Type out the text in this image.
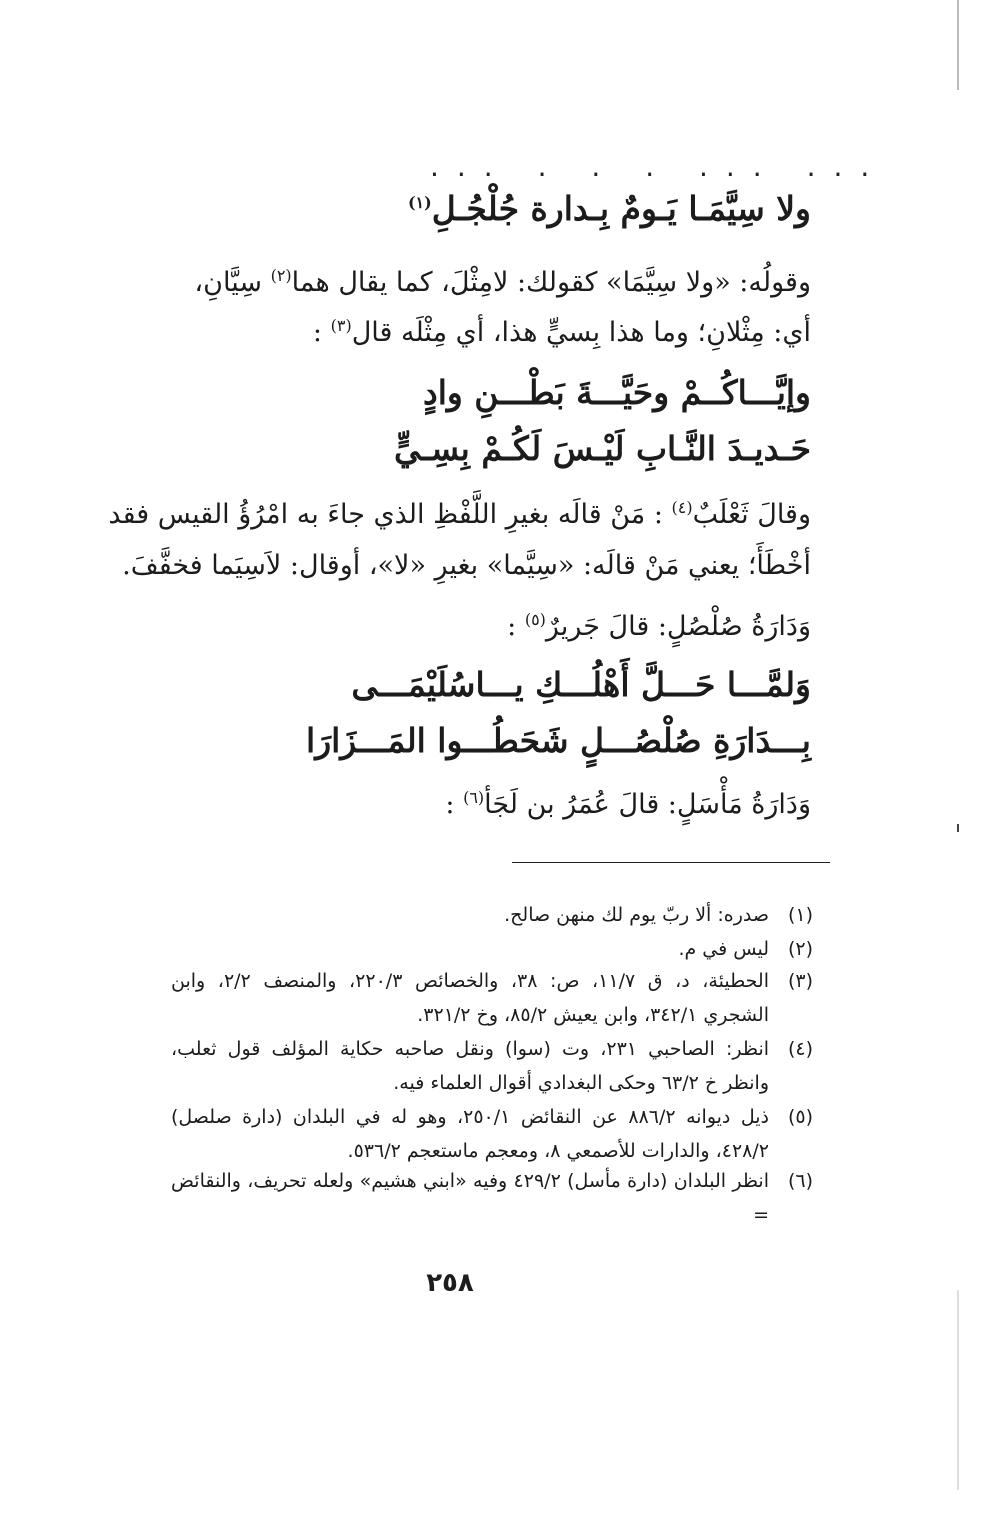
... . . . ... ...
ولا سِيَّمَـا يَـومٌ بِـدارة جُلْجُـلِ$^{(١)}$
وقولُه: «ولا سِيَّمَا» كقولك: لامِثْلَ، كما يقال هما$^{(٢)}$ سِيَّانِ،
أي: مِثْلانِ؛ وما هذا بِسيٍّ هذا، أي مِثْلَه قال$^{(٣)}$ :
وإيَّـــاكُــمْ وحَيَّـــةَ بَطْـــنِ وادٍ
حَـديـدَ النَّـابِ لَيْـسَ لَكُـمْ بِسِـيٍّ
وقالَ ثَعْلَبٌ$^{(٤)}$ : مَنْ قالَه بغيرِ اللَّفْظِ الذي جاءَ به امْرُؤُ القيس فقد
أخْطَأَ؛ يعني مَنْ قالَه: «سِيَّما» بغيرِ «لا»، أوقال: لاَسِيَما فخفَّفَ.
وَدَارَةُ صُلْصُلٍ: قالَ جَريرٌ$^{(٥)}$ :
وَلمَّـــا حَـــلَّ أَهْلُـــكِ يـــاسُلَيْمَـــى
بِـــدَارَةِ صُلْصُـــلٍ شَحَطُـــوا المَـــزَارَا
وَدَارَةُ مَأْسَلٍ: قالَ عُمَرُ بن لَجَأ$^{(٦)}$ :
(١)
صدره: ألا ربّ يوم لك منهن صالح.
(٢)
ليس في م.
(٣)
الحطيئة، د، ق ١١/٧، ص: ٣٨، والخصائص ٢٢٠/٣، والمنصف ٢/٢، وابن الشجري ٣٤٢/١، وابن يعيش ٨٥/٢، وخ ٣٢١/٢.
(٤)
انظر: الصاحبي ٢٣١، وت (سوا) ونقل صاحبه حكاية المؤلف قول ثعلب، وانظر خ ٦٣/٢ وحكى البغدادي أقوال العلماء فيه.
(٥)
ذيل ديوانه ٨٨٦/٢ عن النقائض ٢٥٠/١، وهو له في البلدان (دارة صلصل) ٤٢٨/٢، والدارات للأصمعي ٨، ومعجم ماستعجم ٥٣٦/٢.
(٦)
انظر البلدان (دارة مأسل) ٤٢٩/٢ وفيه «ابني هشيم» ولعله تحريف، والنقائض =
٢٥٨
